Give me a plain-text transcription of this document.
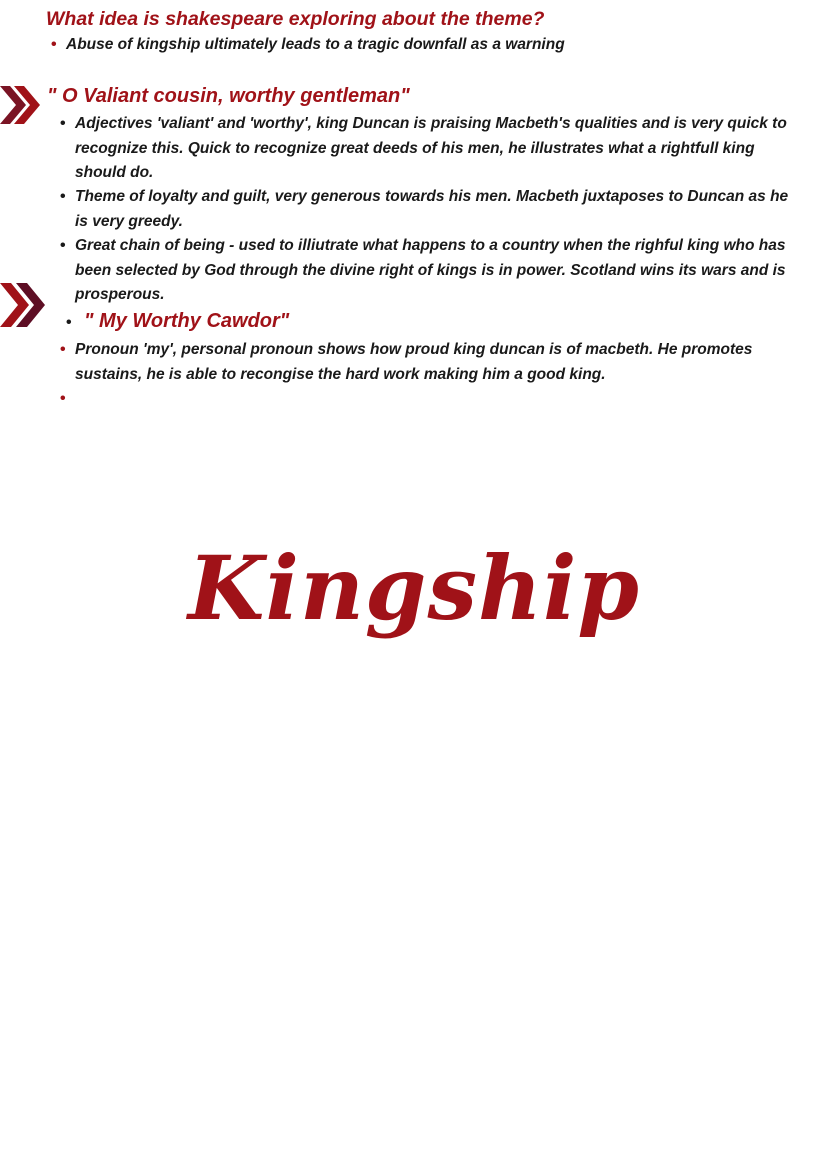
What idea is shakespeare exploring about the theme?
• Abuse of kingship ultimately leads to a tragic downfall as a warning
" O Valiant cousin, worthy gentleman"
• Adjectives 'valiant' and 'worthy', king Duncan is praising Macbeth's qualities and is very quick to recognize this. Quick to recognize great deeds of his men, he illustrates what a rightfull king should do.
• Theme of loyalty and guilt, very generous towards his men. Macbeth juxtaposes to Duncan as he is very greedy.
• Great chain of being - used to illiutrate what happens to a country when the righful king who has been selected by God through the divine right of kings is in power. Scotland wins its wars and is prosperous.
• " My Worthy Cawdor"
• Pronoun 'my', personal pronoun shows how proud king duncan is of macbeth. He promotes sustains, he is able to recongise the hard work making him a good king.
•
Kingship
